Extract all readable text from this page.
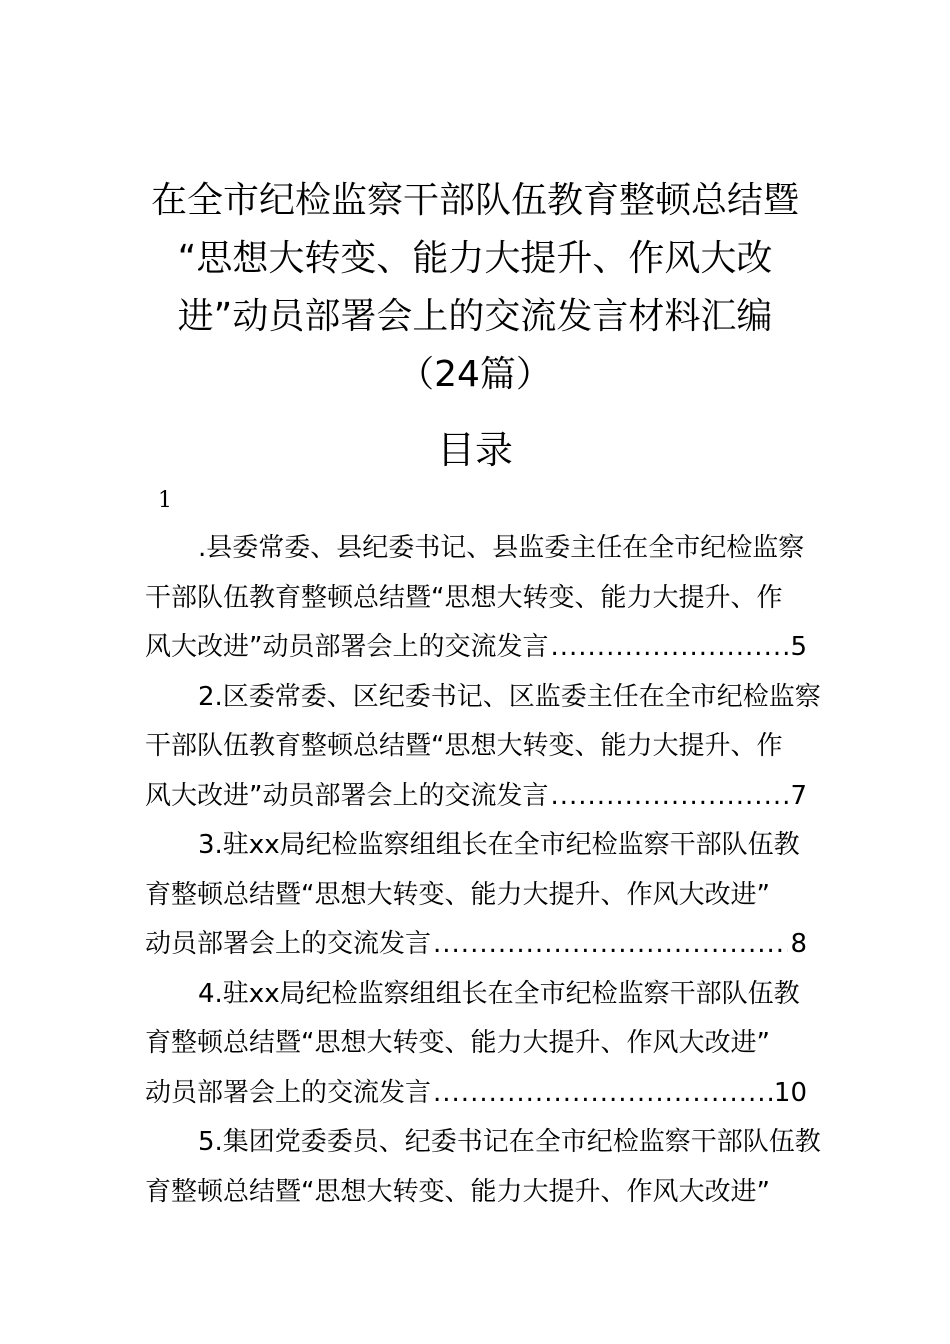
在全市纪检监察干部队伍教育整顿总结暨
“思想大转变、能力大提升、作风大改
进”动员部署会上的交流发言材料汇编
（24篇）
目录
1
.县委常委、县纪委书记、县监委主任在全市纪检监察
干部队伍教育整顿总结暨“思想大转变、能力大提升、作
风大改进”动员部署会上的交流发言 .....	5
2.区委常委、区纪委书记、区监委主任在全市纪检监察
干部队伍教育整顿总结暨“思想大转变、能力大提升、作
风大改进”动员部署会上的交流发言 .....	7
3.驻xx局纪检监察组组长在全市纪检监察干部队伍教
育整顿总结暨“思想大转变、能力大提升、作风大改进”
动员部署会上的交流发言 .....	8
4.驻xx局纪检监察组组长在全市纪检监察干部队伍教
育整顿总结暨“思想大转变、能力大提升、作风大改进”
动员部署会上的交流发言 .....	10
5.集团党委委员、纪委书记在全市纪检监察干部队伍教
育整顿总结暨“思想大转变、能力大提升、作风大改进”
